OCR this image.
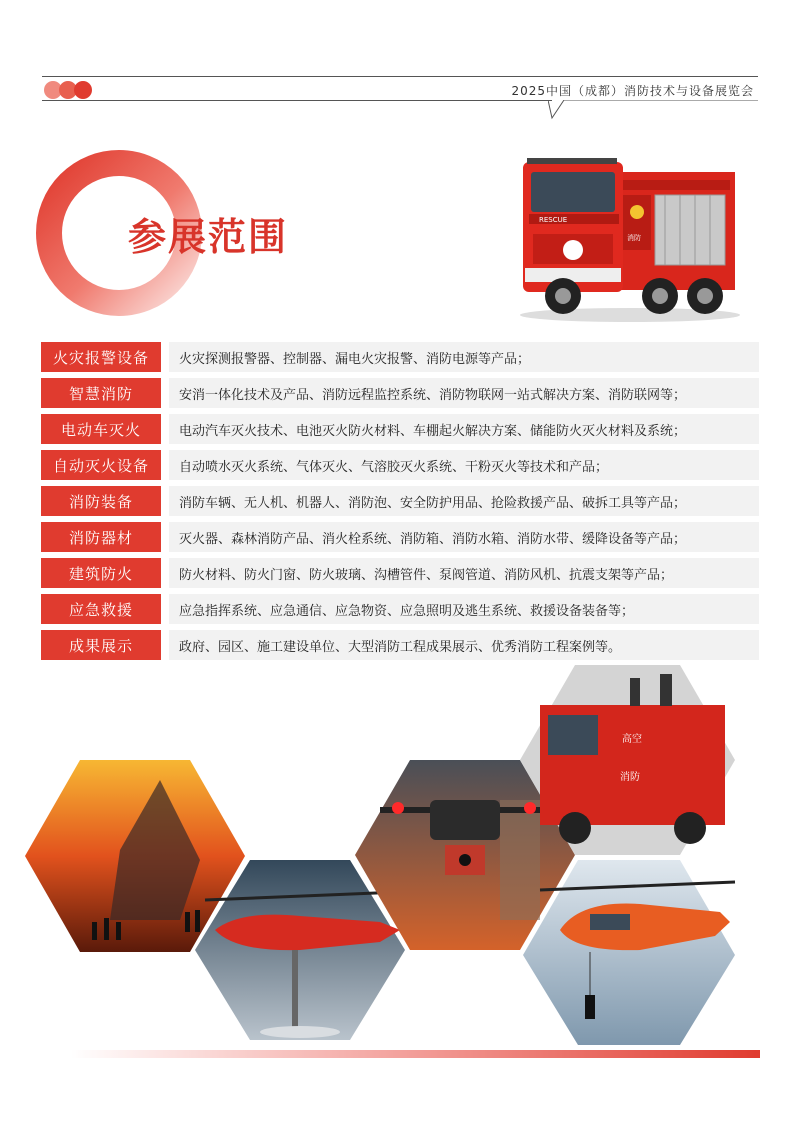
2025中国（成都）消防技术与设备展览会
参展范围	RESCUE
消防
火灾报警设备	火灾探测报警器、控制器、漏电火灾报警、消防电源等产品；
智慧消防	安消一体化技术及产品、消防远程监控系统、消防物联网一站式解决方案、消防联网等；
电动车灭火	电动汽车灭火技术、电池灭火防火材料、车棚起火解决方案、储能防火灭火材料及系统；
自动灭火设备	自动喷水灭火系统、气体灭火、气溶胶灭火系统、干粉灭火等技术和产品；
消防装备	消防车辆、无人机、机器人、消防泡、安全防护用品、抢险救援产品、破拆工具等产品；
消防器材	灭火器、森林消防产品、消火栓系统、消防箱、消防水箱、消防水带、缓降设备等产品；
建筑防火	防火材料、防火门窗、防火玻璃、沟槽管件、泵阀管道、消防风机、抗震支架等产品；
应急救援	应急指挥系统、应急通信、应急物资、应急照明及逃生系统、救援设备装备等；
成果展示	政府、园区、施工建设单位、大型消防工程成果展示、优秀消防工程案例等。
高空
消防
